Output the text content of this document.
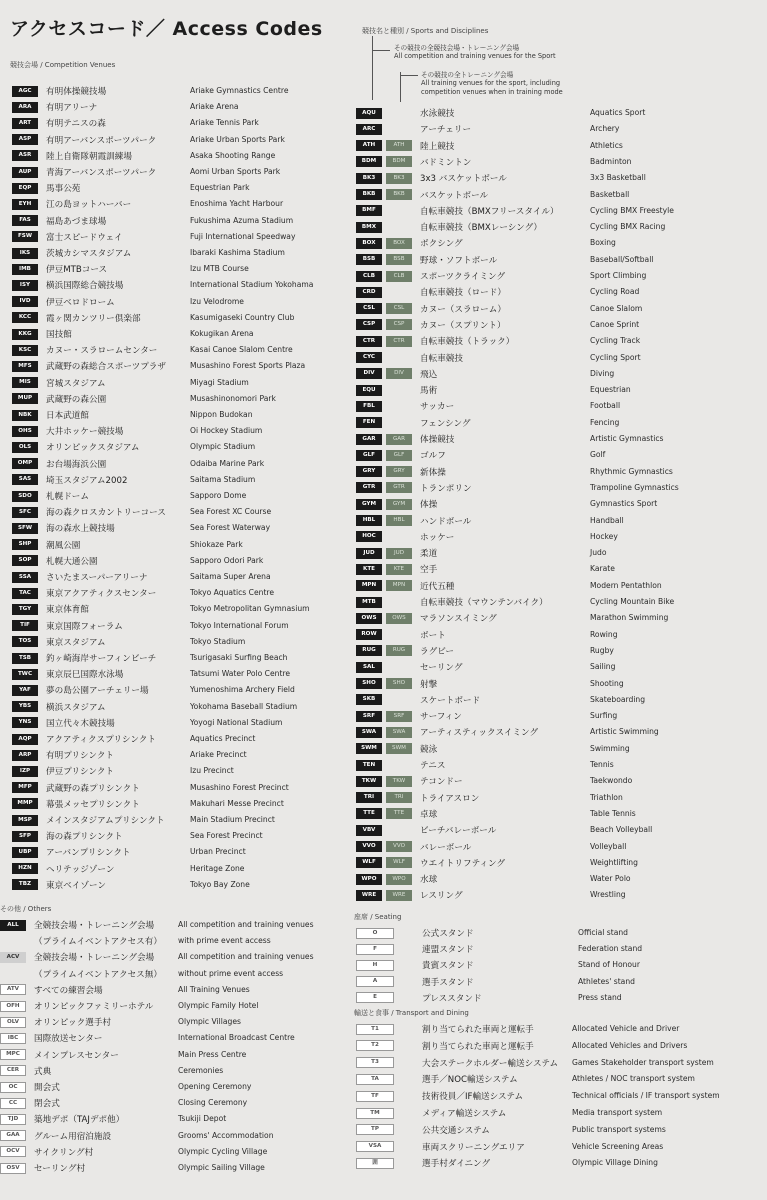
アクセスコード／ Access Codes
競技会場 / Competition Venues
競技名と種別 / Sports and Disciplines
その競技の全競技会場・トレーニング会場
All competition and training venues for the Sport
その競技の全トレーニング会場
All training venues for the sport, including
competition venues when in training mode
AGC	有明体操競技場	Ariake Gymnastics Centre
ARA	有明アリーナ	Ariake Arena
ART	有明テニスの森	Ariake Tennis Park
ASP	有明アーバンスポーツパーク	Ariake Urban Sports Park
ASR	陸上自衛隊朝霞訓練場	Asaka Shooting Range
AUP	青海アーバンスポーツパーク	Aomi Urban Sports Park
EQP	馬事公苑	Equestrian Park
EYH	江の島ヨットハーバー	Enoshima Yacht Harbour
FAS	福島あづま球場	Fukushima Azuma Stadium
FSW	富士スピードウェイ	Fuji International Speedway
IKS	茨城カシマスタジアム	Ibaraki Kashima Stadium
IMB	伊豆MTBコース	Izu MTB Course
ISY	横浜国際総合競技場	International Stadium Yokohama
IVD	伊豆ベロドローム	Izu Velodrome
KCC	霞ヶ関カンツリー倶楽部	Kasumigaseki Country Club
KKG	国技館	Kokugikan Arena
KSC	カヌー・スラロームセンター	Kasai Canoe Slalom Centre
MFS	武蔵野の森総合スポーツプラザ	Musashino Forest Sports Plaza
MIS	宮城スタジアム	Miyagi Stadium
MUP	武蔵野の森公園	Musashinonomori Park
NBK	日本武道館	Nippon Budokan
OHS	大井ホッケー競技場	Oi Hockey Stadium
OLS	オリンピックスタジアム	Olympic Stadium
OMP	お台場海浜公園	Odaiba Marine Park
SAS	埼玉スタジアム2002	Saitama Stadium
SDO	札幌ドーム	Sapporo Dome
SFC	海の森クロスカントリーコース	Sea Forest XC Course
SFW	海の森水上競技場	Sea Forest Waterway
SHP	潮風公園	Shiokaze Park
SOP	札幌大通公園	Sapporo Odori Park
SSA	さいたまスーパーアリーナ	Saitama Super Arena
TAC	東京アクアティクスセンター	Tokyo Aquatics Centre
TGY	東京体育館	Tokyo Metropolitan Gymnasium
TIF	東京国際フォーラム	Tokyo International Forum
TOS	東京スタジアム	Tokyo Stadium
TSB	釣ヶ崎海岸サーフィンビーチ	Tsurigasaki Surfing Beach
TWC	東京辰巳国際水泳場	Tatsumi Water Polo Centre
YAF	夢の島公園アーチェリー場	Yumenoshima Archery Field
YBS	横浜スタジアム	Yokohama Baseball Stadium
YNS	国立代々木競技場	Yoyogi National Stadium
AQP	アクアティクスプリシンクト	Aquatics Precinct
ARP	有明プリシンクト	Ariake Precinct
IZP	伊豆プリシンクト	Izu Precinct
MFP	武蔵野の森プリシンクト	Musashino Forest Precinct
MMP	幕張メッセプリシンクト	Makuhari Messe Precinct
MSP	メインスタジアムプリシンクト	Main Stadium Precinct
SFP	海の森プリシンクト	Sea Forest Precinct
UBP	アーバンプリシンクト	Urban Precinct
HZN	ヘリテッジゾーン	Heritage Zone
TBZ	東京ベイゾーン	Tokyo Bay Zone
その他 / Others
ALL	全競技会場・トレーニング会場	All competition and training venues
（プライムイベントアクセス有） with prime event access
ACV	全競技会場・トレーニング会場	All competition and training venues
（プライムイベントアクセス無） without prime event access
ATV	すべての練習会場	All Training Venues
OFH	オリンピックファミリーホテル	Olympic Family Hotel
OLV	オリンピック選手村	Olympic Villages
IBC	国際放送センター	International Broadcast Centre
MPC	メインプレスセンター	Main Press Centre
CER	式典	Ceremonies
OC	開会式	Opening Ceremony
CC	閉会式	Closing Ceremony
TJD	築地デポ（TAJデポ他）	Tsukiji Depot
GAA	グルーム用宿泊施設	Grooms' Accommodation
OCV	サイクリング村	Olympic Cycling Village
OSV	セーリング村	Olympic Sailing Village
AQU	水泳競技	Aquatics Sport
ARC	アーチェリー	Archery
ATH	ATH	陸上競技	Athletics
BDM	BDM	バドミントン	Badminton
BK3	BK3	3x3 バスケットボール	3x3 Basketball
BKB	BKB	バスケットボール	Basketball
BMF	自転車競技（BMXフリースタイル）	Cycling BMX Freestyle
BMX	自転車競技（BMXレーシング）	Cycling BMX Racing
BOX	BOX	ボクシング	Boxing
BSB	BSB	野球・ソフトボール	Baseball/Softball
CLB	CLB	スポーツクライミング	Sport Climbing
CRD	自転車競技（ロード）	Cycling Road
CSL	CSL	カヌー（スラローム）	Canoe Slalom
CSP	CSP	カヌー（スプリント）	Canoe Sprint
CTR	CTR	自転車競技（トラック）	Cycling Track
CYC	自転車競技	Cycling Sport
DIV	DIV	飛込	Diving
EQU	馬術	Equestrian
FBL	サッカー	Football
FEN	フェンシング	Fencing
GAR	GAR	体操競技	Artistic Gymnastics
GLF	GLF	ゴルフ	Golf
GRY	GRY	新体操	Rhythmic Gymnastics
GTR	GTR	トランポリン	Trampoline Gymnastics
GYM	GYM	体操	Gymnastics Sport
HBL	HBL	ハンドボール	Handball
HOC	ホッケー	Hockey
JUD	JUD	柔道	Judo
KTE	KTE	空手	Karate
MPN	MPN	近代五種	Modern Pentathlon
MTB	自転車競技（マウンテンバイク）	Cycling Mountain Bike
OWS	OWS	マラソンスイミング	Marathon Swimming
ROW	ボート	Rowing
RUG	RUG	ラグビー	Rugby
SAL	セーリング	Sailing
SHO	SHO	射撃	Shooting
SKB	スケートボード	Skateboarding
SRF	SRF	サーフィン	Surfing
SWA	SWA	アーティスティックスイミング	Artistic Swimming
SWM	SWM	競泳	Swimming
TEN	テニス	Tennis
TKW	TKW	テコンドー	Taekwondo
TRI	TRI	トライアスロン	Triathlon
TTE	TTE	卓球	Table Tennis
VBV	ビーチバレーボール	Beach Volleyball
VVO	VVO	バレーボール	Volleyball
WLF	WLF	ウエイトリフティング	Weightlifting
WPO	WPO	水球	Water Polo
WRE	WRE	レスリング	Wrestling
座席 / Seating
O	公式スタンド	Official stand
F	連盟スタンド	Federation stand
H	貴賓スタンド	Stand of Honour
A	選手スタンド	Athletes' stand
E	プレススタンド	Press stand
輸送と食事 / Transport and Dining
T1	割り当てられた車両と運転手	Allocated Vehicle and Driver
T2	割り当てられた車両と運転手	Allocated Vehicles and Drivers
T3	大会ステークホルダー輸送システム Games Stakeholder transport system
TA	選手／NOC輸送システム	Athletes / NOC transport system
TF	技術役員／IF輸送システム	Technical officials / IF transport system
TM	メディア輸送システム	Media transport system
TP	公共交通システム	Public transport systems
VSA	車両スクリーニングエリア	Vehicle Screening Areas
囲	選手村ダイニング	Olympic Village Dining
